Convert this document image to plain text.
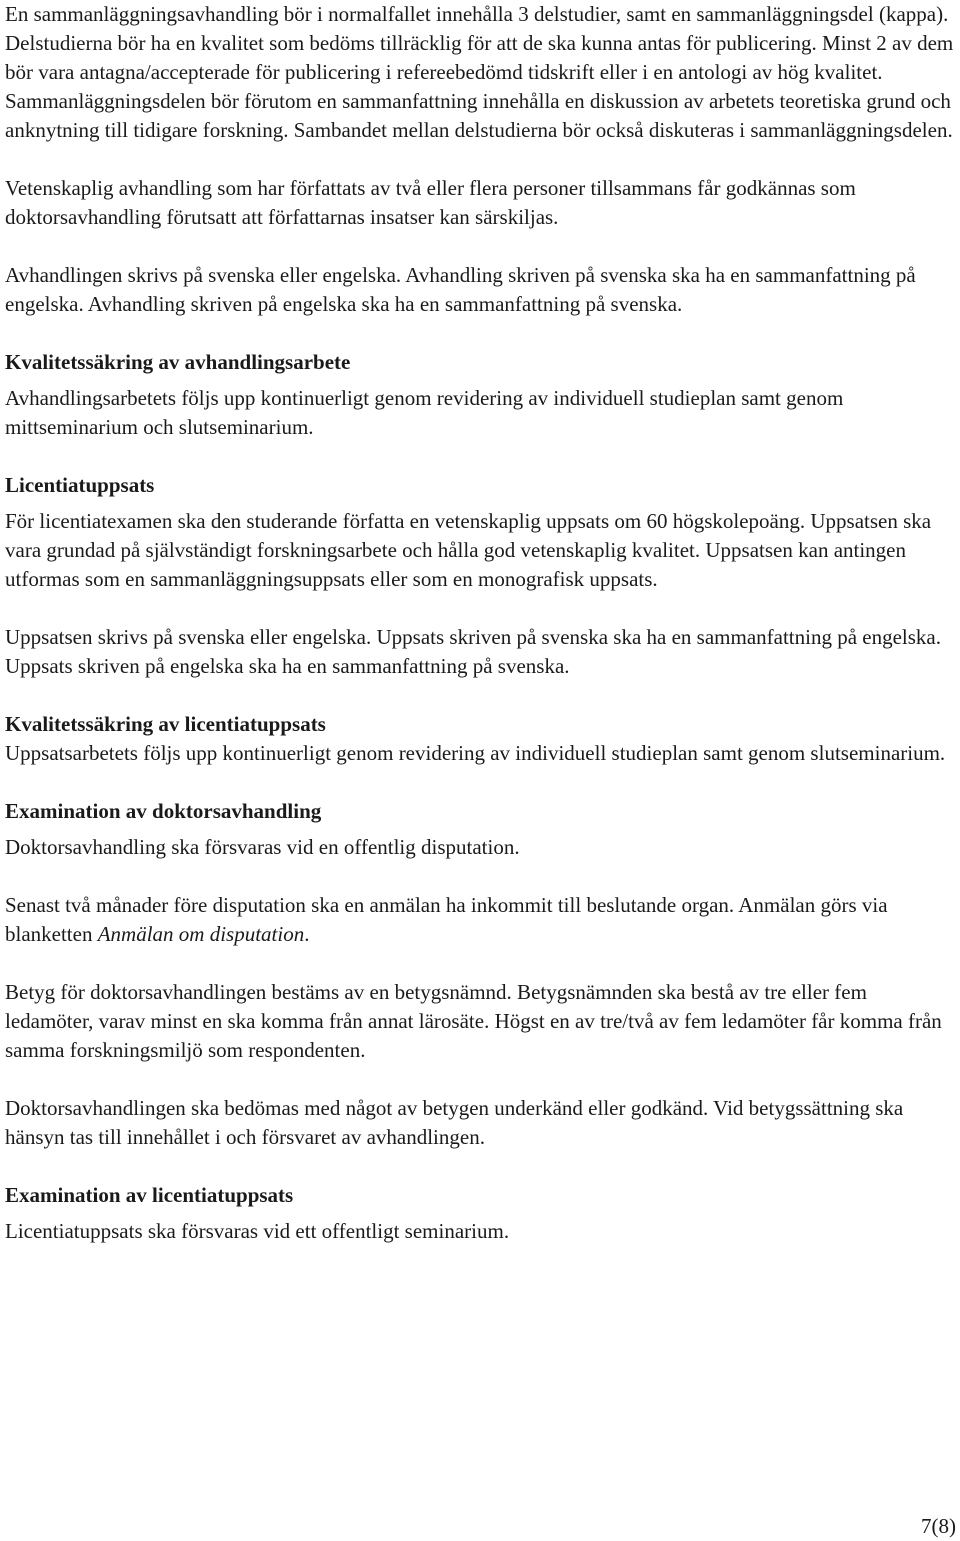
En sammanläggningsavhandling bör i normalfallet innehålla 3 delstudier, samt en sammanläggningsdel (kappa). Delstudierna bör ha en kvalitet som bedöms tillräcklig för att de ska kunna antas för publicering. Minst 2 av dem bör vara antagna/accepterade för publicering i refereebedömd tidskrift eller i en antologi av hög kvalitet. Sammanläggningsdelen bör förutom en sammanfattning innehålla en diskussion av arbetets teoretiska grund och anknytning till tidigare forskning. Sambandet mellan delstudierna bör också diskuteras i sammanläggningsdelen.

Vetenskaplig avhandling som har författats av två eller flera personer tillsammans får godkännas som doktorsavhandling förutsatt att författarnas insatser kan särskiljas.

Avhandlingen skrivs på svenska eller engelska. Avhandling skriven på svenska ska ha en sammanfattning på engelska. Avhandling skriven på engelska ska ha en sammanfattning på svenska.

Kvalitetssäkring av avhandlingsarbete

Avhandlingsarbetets följs upp kontinuerligt genom revidering av individuell studieplan samt genom mittseminarium och slutseminarium.

Licentiatuppsats

För licentiatexamen ska den studerande författa en vetenskaplig uppsats om 60 högskolepoäng. Uppsatsen ska vara grundad på självständigt forskningsarbete och hålla god vetenskaplig kvalitet. Uppsatsen kan antingen utformas som en sammanläggningsuppsats eller som en monografisk uppsats.

Uppsatsen skrivs på svenska eller engelska. Uppsats skriven på svenska ska ha en sammanfattning på engelska. Uppsats skriven på engelska ska ha en sammanfattning på svenska.

Kvalitetssäkring av licentiatuppsats

Uppsatsarbetets följs upp kontinuerligt genom revidering av individuell studieplan samt genom slutseminarium.

Examination av doktorsavhandling

Doktorsavhandling ska försvaras vid en offentlig disputation.

Senast två månader före disputation ska en anmälan ha inkommit till beslutande organ. Anmälan görs via blanketten Anmälan om disputation.

Betyg för doktorsavhandlingen bestäms av en betygsnämnd. Betygsnämnden ska bestå av tre eller fem ledamöter, varav minst en ska komma från annat lärosäte. Högst en av tre/två av fem ledamöter får komma från samma forskningsmiljö som respondenten.

Doktorsavhandlingen ska bedömas med något av betygen underkänd eller godkänd. Vid betygssättning ska hänsyn tas till innehållet i och försvaret av avhandlingen.

Examination av licentiatuppsats

Licentiatuppsats ska försvaras vid ett offentligt seminarium.

7(8)
